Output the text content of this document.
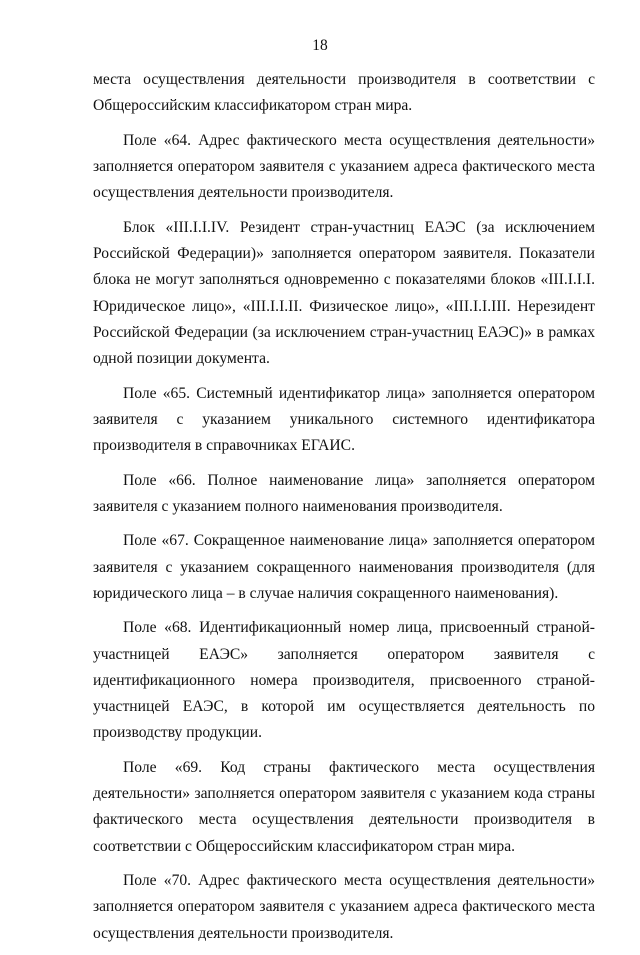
18

места осуществления деятельности производителя в соответствии с Общероссийским классификатором стран мира.

Поле «64. Адрес фактического места осуществления деятельности» заполняется оператором заявителя с указанием адреса фактического места осуществления деятельности производителя.

Блок «III.I.I.IV. Резидент стран-участниц ЕАЭС (за исключением Российской Федерации)» заполняется оператором заявителя. Показатели блока не могут заполняться одновременно с показателями блоков «III.I.I.I. Юридическое лицо», «III.I.I.II. Физическое лицо», «III.I.I.III. Нерезидент Российской Федерации (за исключением стран-участниц ЕАЭС)» в рамках одной позиции документа.

Поле «65. Системный идентификатор лица» заполняется оператором заявителя с указанием уникального системного идентификатора производителя в справочниках ЕГАИС.

Поле «66. Полное наименование лица» заполняется оператором заявителя с указанием полного наименования производителя.

Поле «67. Сокращенное наименование лица» заполняется оператором заявителя с указанием сокращенного наименования производителя (для юридического лица – в случае наличия сокращенного наименования).

Поле «68. Идентификационный номер лица, присвоенный страной-участницей ЕАЭС» заполняется оператором заявителя с идентификационного номера производителя, присвоенного страной-участницей ЕАЭС, в которой им осуществляется деятельность по производству продукции.

Поле «69. Код страны фактического места осуществления деятельности» заполняется оператором заявителя с указанием кода страны фактического места осуществления деятельности производителя в соответствии с Общероссийским классификатором стран мира.

Поле «70. Адрес фактического места осуществления деятельности» заполняется оператором заявителя с указанием адреса фактического места осуществления деятельности производителя.
